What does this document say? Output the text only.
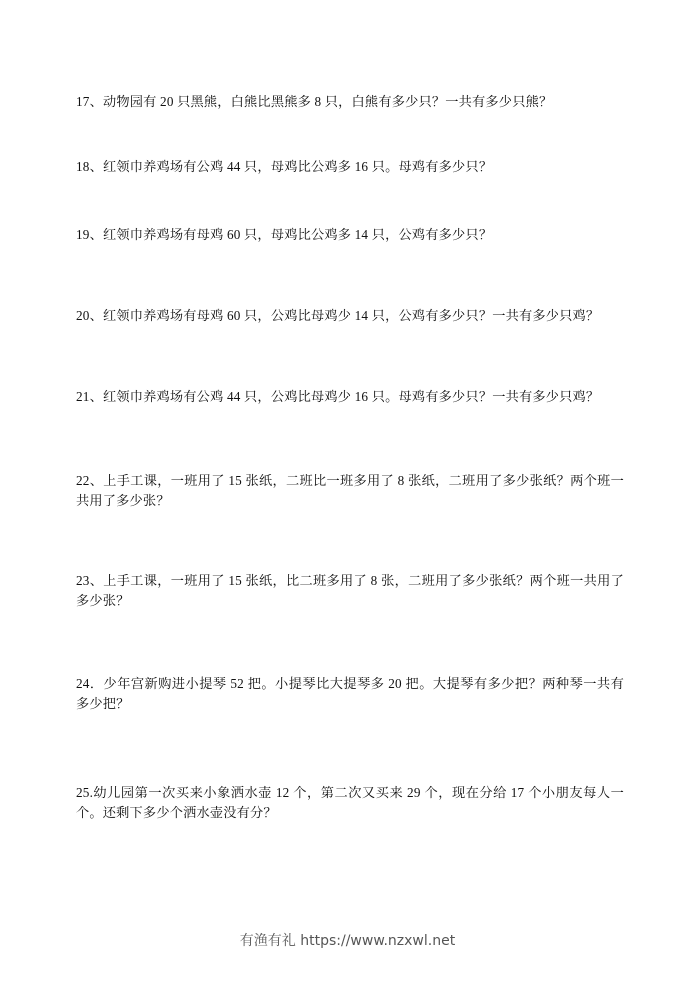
17、动物园有 20 只黑熊，白熊比黑熊多 8 只，白熊有多少只？一共有多少只熊？
18、红领巾养鸡场有公鸡 44 只，母鸡比公鸡多 16 只。母鸡有多少只？
19、红领巾养鸡场有母鸡 60 只，母鸡比公鸡多 14 只，公鸡有多少只？
20、红领巾养鸡场有母鸡 60 只，公鸡比母鸡少 14 只，公鸡有多少只？一共有多少只鸡？
21、红领巾养鸡场有公鸡 44 只，公鸡比母鸡少 16 只。母鸡有多少只？一共有多少只鸡？
22、上手工课，一班用了 15 张纸，二班比一班多用了 8 张纸，二班用了多少张纸？两个班一共用了多少张？
23、上手工课，一班用了 15 张纸，比二班多用了 8 张，二班用了多少张纸？两个班一共用了多少张？
24．少年宫新购进小提琴 52 把。小提琴比大提琴多 20 把。大提琴有多少把？两种琴一共有多少把？
25.幼儿园第一次买来小象洒水壶 12 个，第二次又买来 29 个，现在分给 17 个小朋友每人一个。还剩下多少个洒水壶没有分？
有渔有礼 https://www.nzxwl.net
